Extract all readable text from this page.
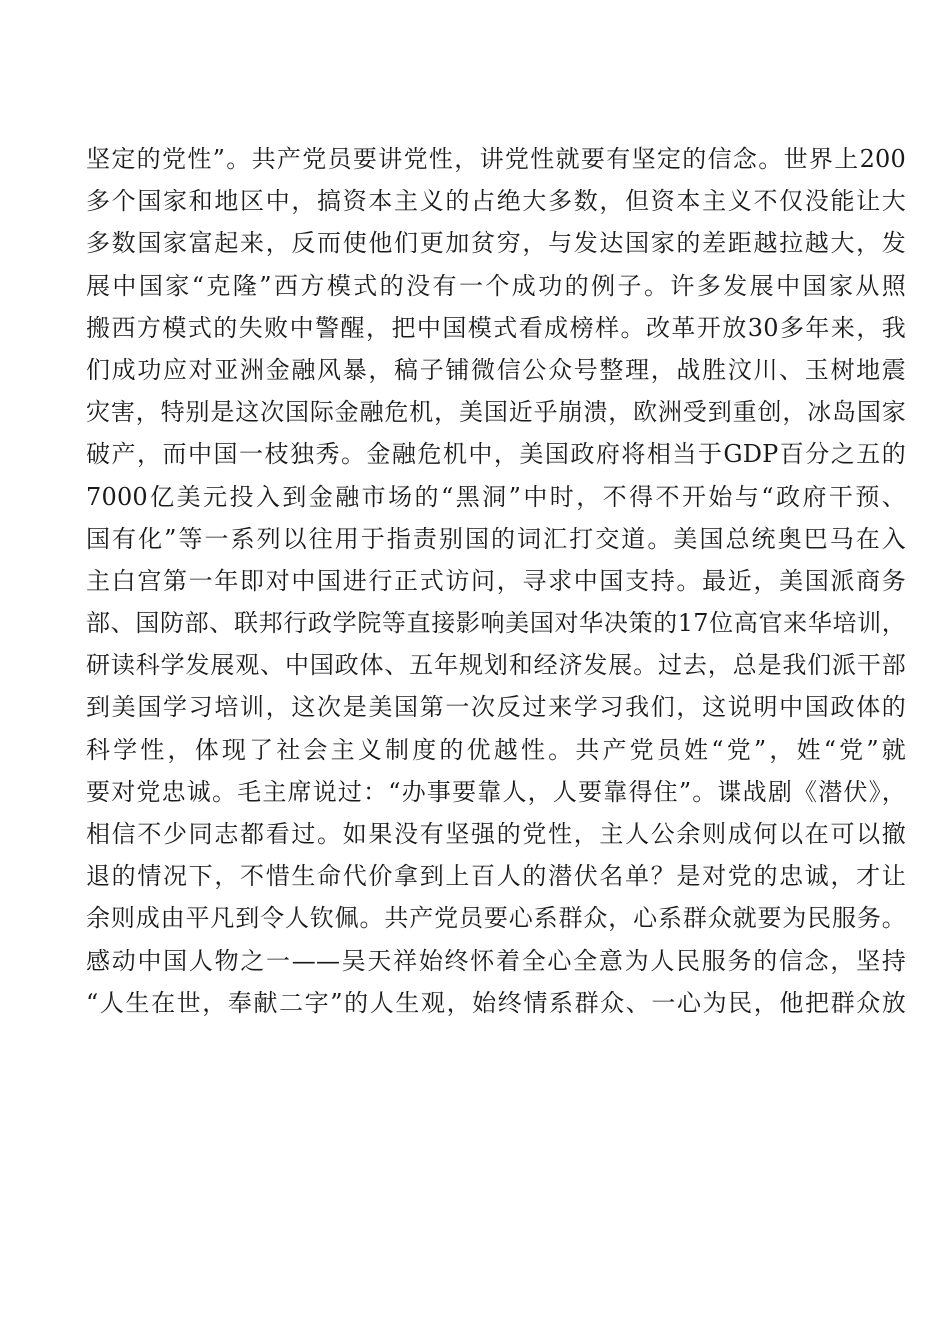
坚定的党性”。共产党员要讲党性，讲党性就要有坚定的信念。世界上200
多个国家和地区中，搞资本主义的占绝大多数，但资本主义不仅没能让大
多数国家富起来，反而使他们更加贫穷，与发达国家的差距越拉越大，发
展中国家“克隆”西方模式的没有一个成功的例子。许多发展中国家从照
搬西方模式的失败中警醒，把中国模式看成榜样。改革开放30多年来，我
们成功应对亚洲金融风暴，稿子铺微信公众号整理，战胜汶川、玉树地震
灾害，特别是这次国际金融危机，美国近乎崩溃，欧洲受到重创，冰岛国家
破产，而中国一枝独秀。金融危机中，美国政府将相当于GDP百分之五的
7000亿美元投入到金融市场的“黑洞”中时，不得不开始与“政府干预、
国有化”等一系列以往用于指责别国的词汇打交道。美国总统奥巴马在入
主白宫第一年即对中国进行正式访问，寻求中国支持。最近，美国派商务
部、国防部、联邦行政学院等直接影响美国对华决策的17位高官来华培训，
研读科学发展观、中国政体、五年规划和经济发展。过去，总是我们派干部
到美国学习培训，这次是美国第一次反过来学习我们，这说明中国政体的
科学性，体现了社会主义制度的优越性。共产党员姓“党”，姓“党”就
要对党忠诚。毛主席说过：“办事要靠人，人要靠得住”。谍战剧《潜伏》，
相信不少同志都看过。如果没有坚强的党性，主人公余则成何以在可以撤
退的情况下，不惜生命代价拿到上百人的潜伏名单？是对党的忠诚，才让
余则成由平凡到令人钦佩。共产党员要心系群众，心系群众就要为民服务。
感动中国人物之一——吴天祥始终怀着全心全意为人民服务的信念，坚持
“人生在世，奉献二字”的人生观，始终情系群众、一心为民，他把群众放
